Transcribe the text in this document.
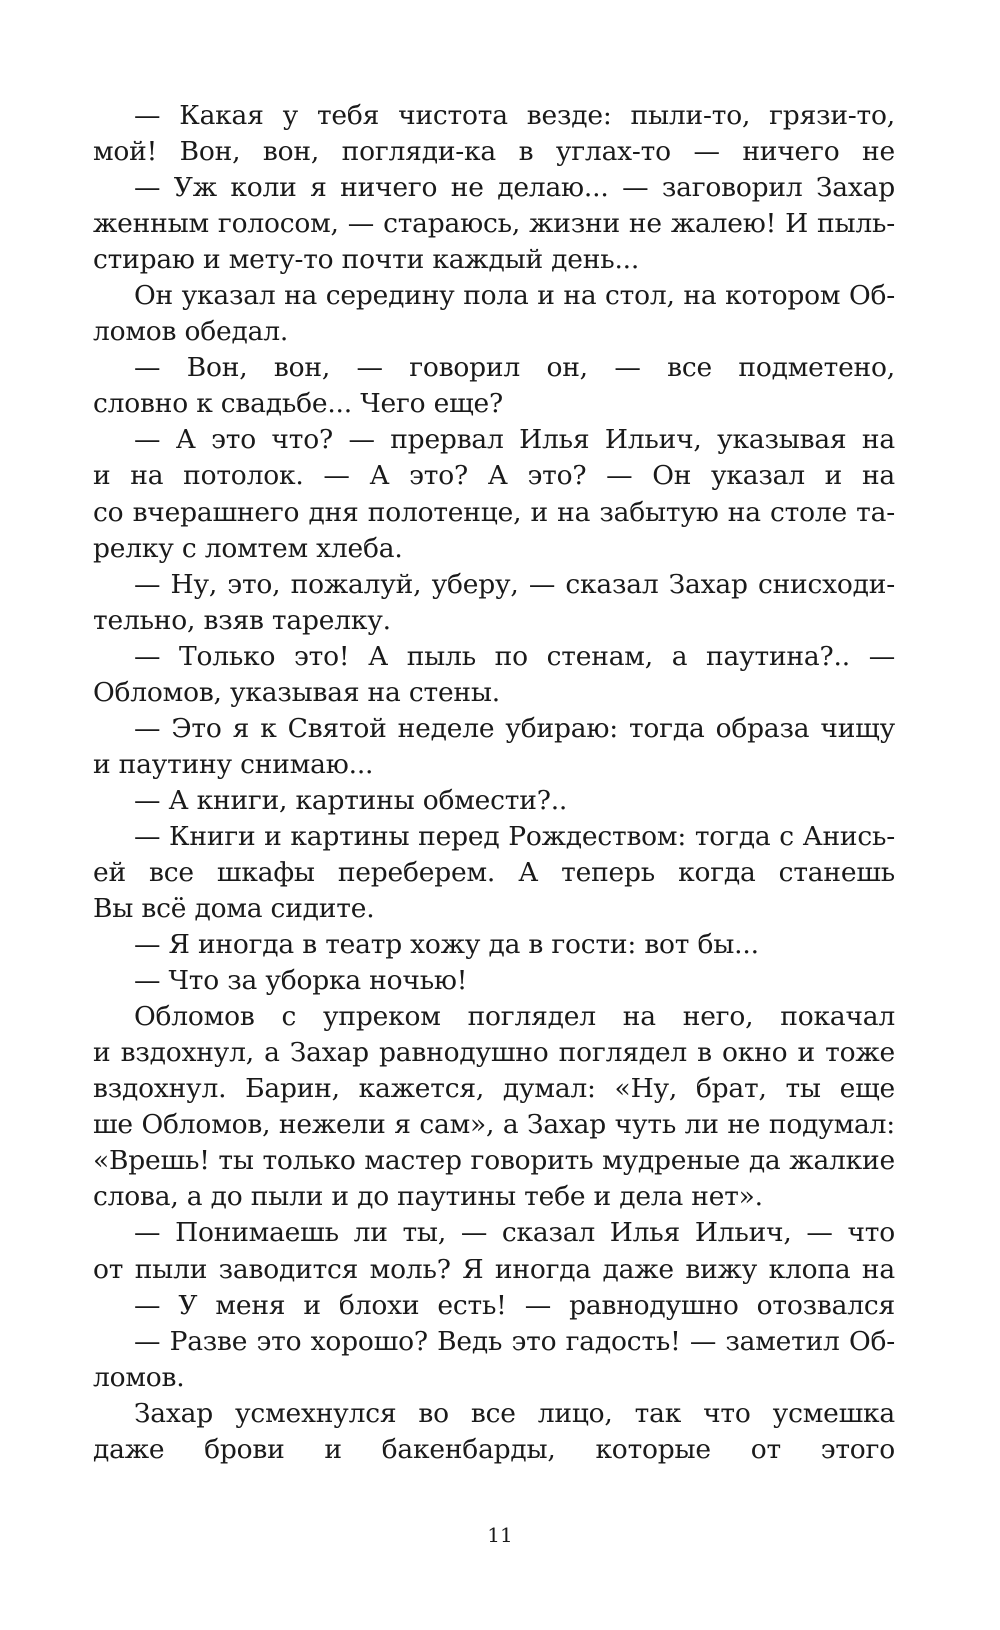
— Какая у тебя чистота везде: пыли-то, грязи-то,
мой! Вон, вон, погляди-ка в углах-то — ничего не
— Уж коли я ничего не делаю... — заговорил Захар
женным голосом, — стараюсь, жизни не жалею! И пыль-
стираю и мету-то почти каждый день...
Он указал на середину пола и на стол, на котором Об-
ломов обедал.
— Вон, вон, — говорил он, — все подметено,
словно к свадьбе... Чего еще?
— А это что? — прервал Илья Ильич, указывая на
и на потолок. — А это? А это? — Он указал и на
со вчерашнего дня полотенце, и на забытую на столе та-
релку с ломтем хлеба.
— Ну, это, пожалуй, уберу, — сказал Захар снисходи-
тельно, взяв тарелку.
— Только это! А пыль по стенам, а паутина?.. —
Обломов, указывая на стены.
— Это я к Святой неделе убираю: тогда образа чищу
и паутину снимаю...
— А книги, картины обмести?..
— Книги и картины перед Рождеством: тогда с Анись-
ей все шкафы переберем. А теперь когда станешь
Вы всё дома сидите.
— Я иногда в театр хожу да в гости: вот бы...
— Что за уборка ночью!
Обломов с упреком поглядел на него, покачал
и вздохнул, а Захар равнодушно поглядел в окно и тоже
вздохнул. Барин, кажется, думал: «Ну, брат, ты еще
ше Обломов, нежели я сам», а Захар чуть ли не подумал:
«Врешь! ты только мастер говорить мудреные да жалкие
слова, а до пыли и до паутины тебе и дела нет».
— Понимаешь ли ты, — сказал Илья Ильич, — что
от пыли заводится моль? Я иногда даже вижу клопа на
— У меня и блохи есть! — равнодушно отозвался
— Разве это хорошо? Ведь это гадость! — заметил Об-
ломов.
Захар усмехнулся во все лицо, так что усмешка
даже брови и бакенбарды, которые от этого
11
